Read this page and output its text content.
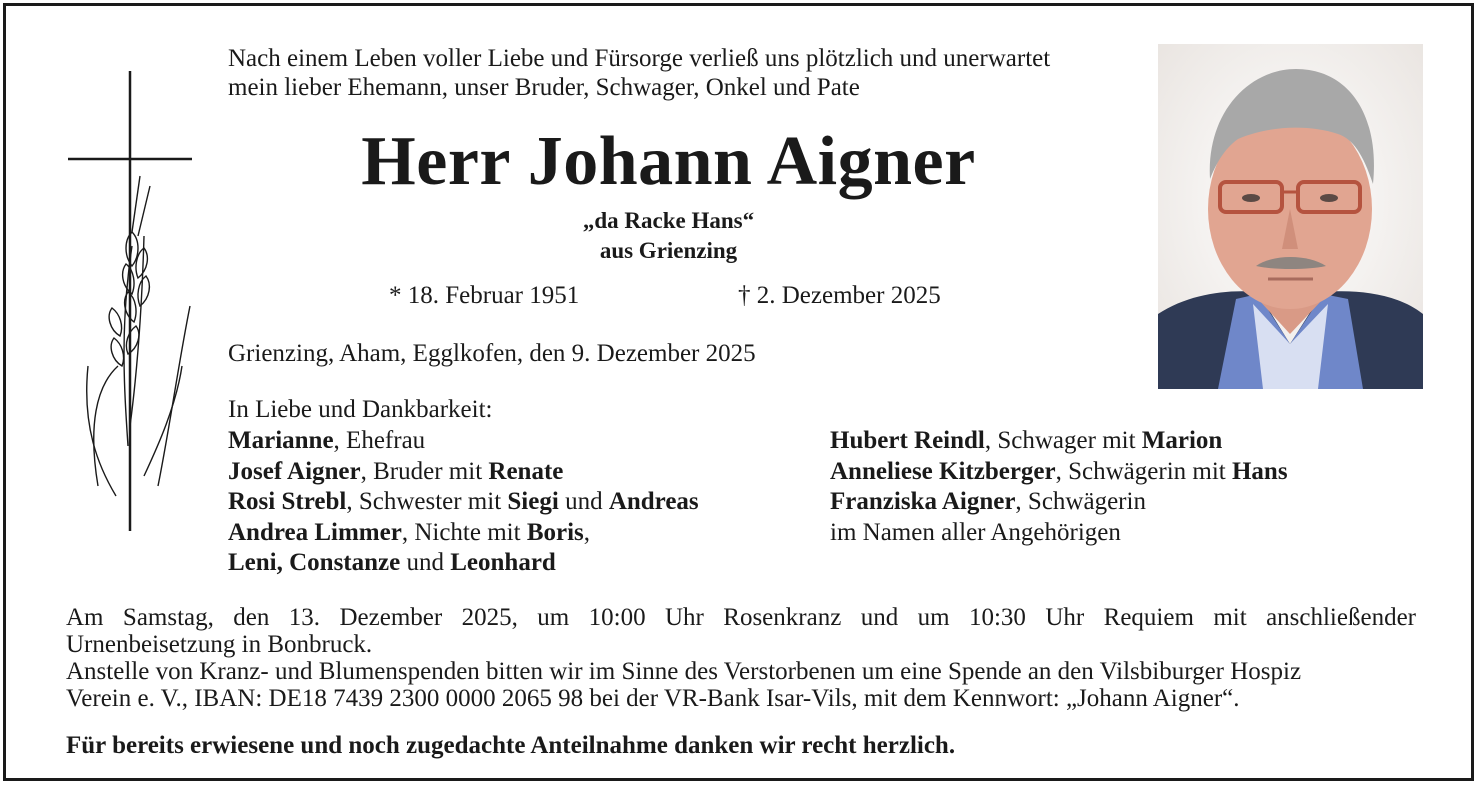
Nach einem Leben voller Liebe und Fürsorge verließ uns plötzlich und unerwartet
mein lieber Ehemann, unser Bruder, Schwager, Onkel und Pate
Herr Johann Aigner
„da Racke Hans“
aus Grienzing
* 18. Februar 1951	† 2. Dezember 2025
Grienzing, Aham, Egglkofen, den 9. Dezember 2025
In Liebe und Dankbarkeit:
Marianne, Ehefrau
Josef Aigner, Bruder mit Renate
Rosi Strebl, Schwester mit Siegi und Andreas
Andrea Limmer, Nichte mit Boris,
Leni, Constanze und Leonhard
Hubert Reindl, Schwager mit Marion
Anneliese Kitzberger, Schwägerin mit Hans
Franziska Aigner, Schwägerin
im Namen aller Angehörigen
Am Samstag, den 13. Dezember 2025, um 10:00 Uhr Rosenkranz und um 10:30 Uhr Requiem mit anschließender

Urnenbeisetzung in Bonbruck.

Anstelle von Kranz- und Blumenspenden bitten wir im Sinne des Verstorbenen um eine Spende an den Vilsbiburger Hospiz

Verein e. V., IBAN: DE18 7439 2300 0000 2065 98 bei der VR-Bank Isar-Vils, mit dem Kennwort: „Johann Aigner“.

Für bereits erwiesene und noch zugedachte Anteilnahme danken wir recht herzlich.
